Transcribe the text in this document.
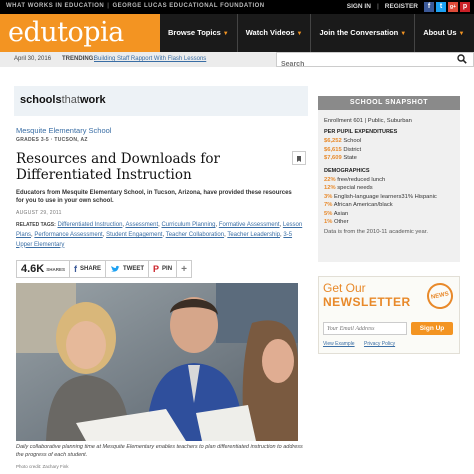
WHAT WORKS IN EDUCATION | GEORGE LUCAS EDUCATIONAL FOUNDATION	SIGN IN | REGISTER	f	t	g+ p
edutopia	Browse Topics ▼	Watch Videos ▼	Join the Conversation ▼	About Us ▼
April 30, 2016 TRENDING:
Building Staff Rapport With Flash Lessons
Search
schoolsthatwork
Mesquite Elementary School
GRADES 3-5 · TUCSON, AZ
Resources and Downloads for Differentiated Instruction
Educators from Mesquite Elementary School, in Tucson, Arizona, have provided these resources for you to use in your own school.
AUGUST 29, 2011
RELATED TAGS: Differentiated Instruction, Assessment, Curriculum Planning, Formative Assessment, Lesson Plans, Performance Assessment, Student Engagement, Teacher Collaboration, Teacher Leadership, 3-5 Upper Elementary
4.6K SHARES f SHARE	TWEET P PIN +
Daily collaborative planning time at Mesquite Elementary enables teachers to plan differentiated instruction to address the progress of each student.
Photo credit: Zachary Fink
SCHOOL SNAPSHOT
Enrollment 601 | Public, Suburban
PER PUPIL EXPENDITURES
$6,252 School
$6,615 District
$7,609 State
DEMOGRAPHICS
22% free/reduced lunch
12% special needs
3% English-language learners31% Hispanic
7% African American/black
5% Asian
1% Other
Data is from the 2010-11 academic year.
Get Our
NEWSLETTER	NEWS
Your Email Address
Sign Up
View Example Privacy Policy
